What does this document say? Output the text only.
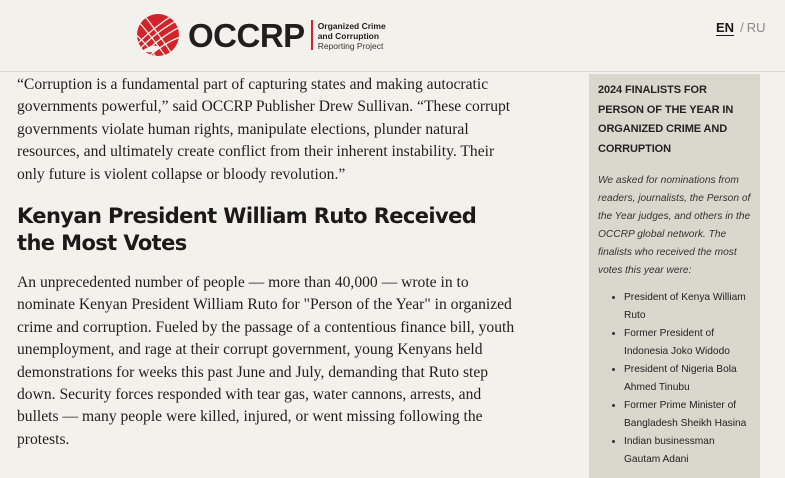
OCCRP Organized Crime
and Corruption
Reporting Project
EN / RU

“Corruption is a fundamental part of capturing states and making autocratic governments powerful,” said OCCRP Publisher Drew Sullivan. “These corrupt governments violate human rights, manipulate elections, plunder natural resources, and ultimately create conflict from their inherent instability. Their only future is violent collapse or bloody revolution.”

Kenyan President William Ruto Received the Most Votes

An unprecedented number of people — more than 40,000 — wrote in to nominate Kenyan President William Ruto for "Person of the Year" in organized crime and corruption. Fueled by the passage of a contentious finance bill, youth unemployment, and rage at their corrupt government, young Kenyans held demonstrations for weeks this past June and July, demanding that Ruto step down. Security forces responded with tear gas, water cannons, arrests, and bullets — many people were killed, injured, or went missing following the protests.

2024 FINALISTS FOR PERSON OF THE YEAR IN ORGANIZED CRIME AND CORRUPTION
We asked for nominations from readers, journalists, the Person of the Year judges, and others in the OCCRP global network. The finalists who received the most votes this year were:
President of Kenya William Ruto
Former President of Indonesia Joko Widodo
President of Nigeria Bola Ahmed Tinubu
Former Prime Minister of Bangladesh Sheikh Hasina
Indian businessman Gautam Adani
